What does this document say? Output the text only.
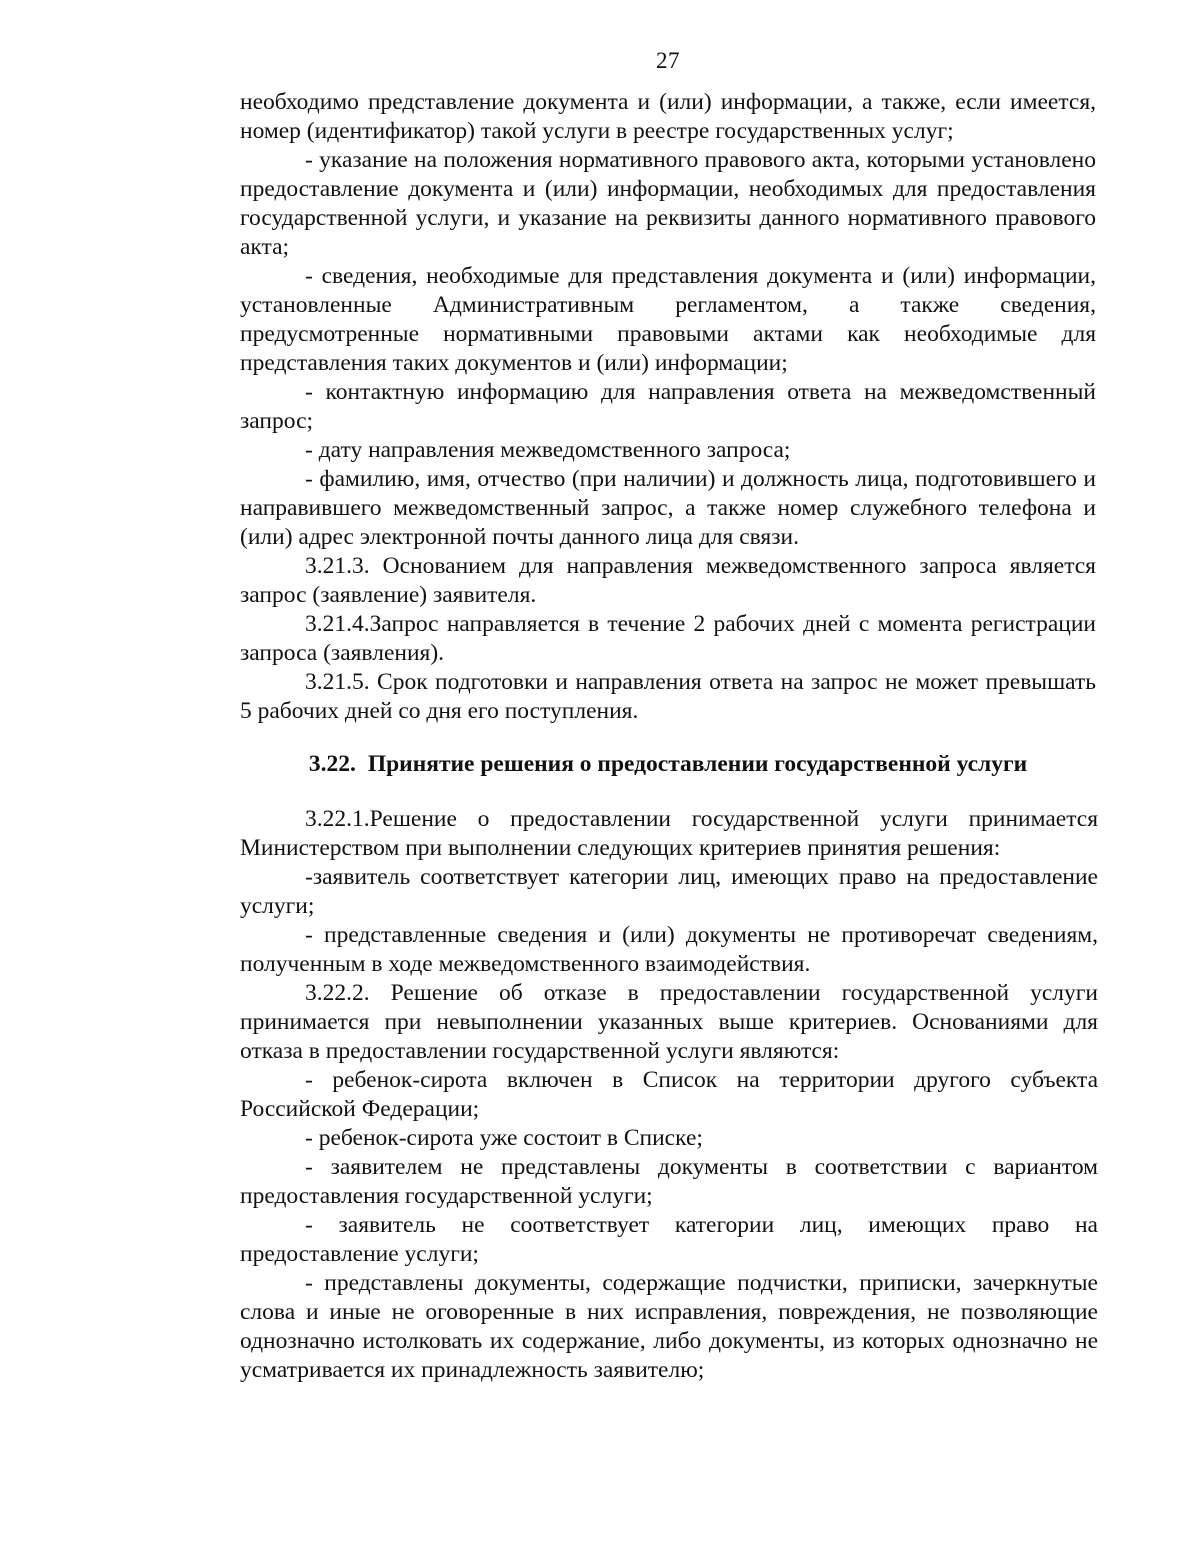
27

необходимо представление документа и (или) информации, а также, если имеется, номер (идентификатор) такой услуги в реестре государственных услуг;

- указание на положения нормативного правового акта, которыми установлено предоставление документа и (или) информации, необходимых для предоставления государственной услуги, и указание на реквизиты данного нормативного правового акта;

- сведения, необходимые для представления документа и (или) информации, установленные Административным регламентом, а также сведения, предусмотренные нормативными правовыми актами как необходимые для представления таких документов и (или) информации;

- контактную информацию для направления ответа на межведомственный запрос;

- дату направления межведомственного запроса;

- фамилию, имя, отчество (при наличии) и должность лица, подготовившего и направившего межведомственный запрос, а также номер служебного телефона и (или) адрес электронной почты данного лица для связи.

3.21.3. Основанием для направления межведомственного запроса является запрос (заявление) заявителя.

3.21.4.Запрос направляется в течение 2 рабочих дней с момента регистрации запроса (заявления).

3.21.5. Срок подготовки и направления ответа на запрос не может превышать 5 рабочих дней со дня его поступления.

3.22. Принятие решения о предоставлении государственной услуги

3.22.1.Решение о предоставлении государственной услуги принимается Министерством при выполнении следующих критериев принятия решения:

-заявитель соответствует категории лиц, имеющих право на предоставление услуги;

- представленные сведения и (или) документы не противоречат сведениям, полученным в ходе межведомственного взаимодействия.

3.22.2. Решение об отказе в предоставлении государственной услуги принимается при невыполнении указанных выше критериев. Основаниями для отказа в предоставлении государственной услуги являются:

- ребенок-сирота включен в Список на территории другого субъекта Российской Федерации;

- ребенок-сирота уже состоит в Списке;

- заявителем не представлены документы в соответствии с вариантом предоставления государственной услуги;

- заявитель не соответствует категории лиц, имеющих право на предоставление услуги;

- представлены документы, содержащие подчистки, приписки, зачеркнутые слова и иные не оговоренные в них исправления, повреждения, не позволяющие однозначно истолковать их содержание, либо документы, из которых однозначно не усматривается их принадлежность заявителю;
